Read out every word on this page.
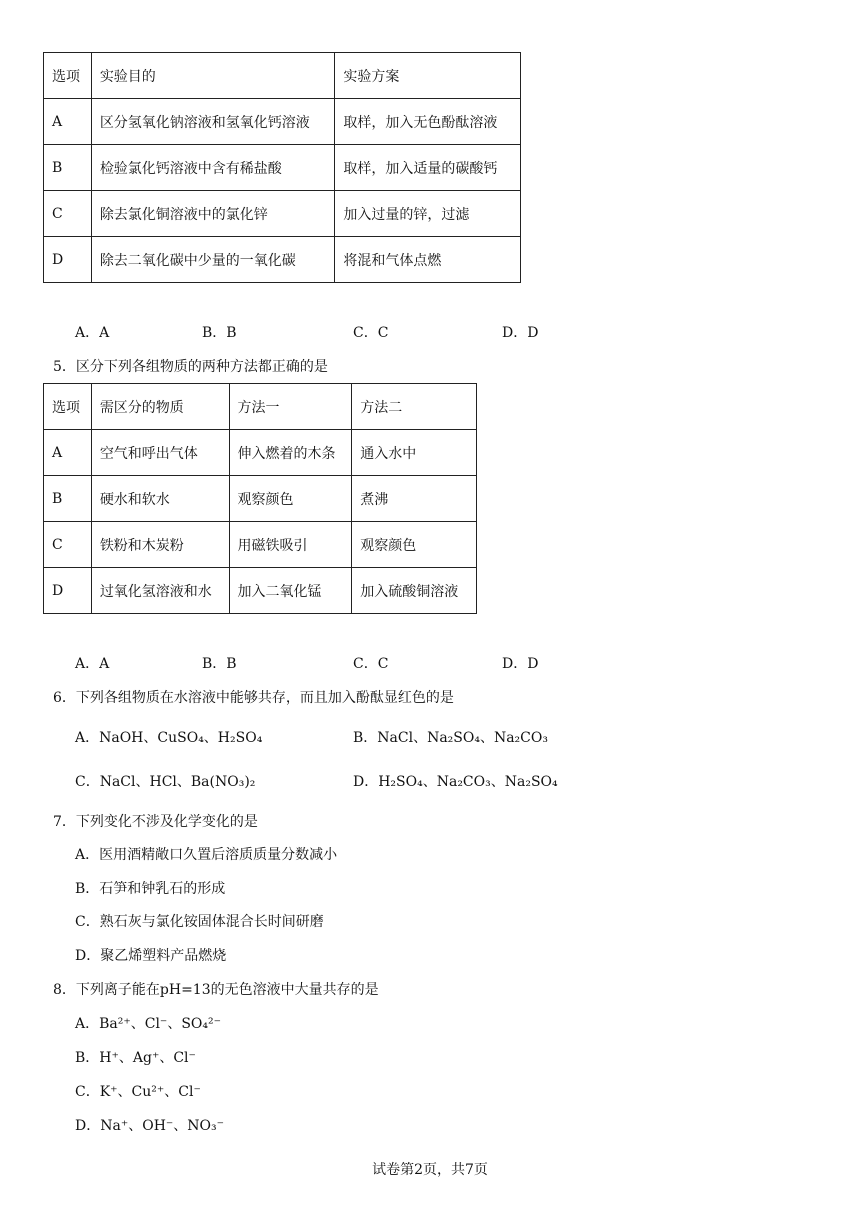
选项	实验目的	实验方案
A	区分氢氧化钠溶液和氢氧化钙溶液	取样，加入无色酚酞溶液
B	检验氯化钙溶液中含有稀盐酸	取样，加入适量的碳酸钙
C	除去氯化铜溶液中的氯化锌	加入过量的锌，过滤
D	除去二氧化碳中少量的一氧化碳	将混和气体点燃
A．A	B．B	C．C	D．D
5．区分下列各组物质的两种方法都正确的是
选项	需区分的物质	方法一	方法二
A	空气和呼出气体	伸入燃着的木条	通入水中
B	硬水和软水	观察颜色	煮沸
C	铁粉和木炭粉	用磁铁吸引	观察颜色
D	过氧化氢溶液和水	加入二氧化锰	加入硫酸铜溶液
A．A	B．B	C．C	D．D
6．下列各组物质在水溶液中能够共存，而且加入酚酞显红色的是
A．NaOH、CuSO₄、H₂SO₄	B．NaCl、Na₂SO₄、Na₂CO₃
C．NaCl、HCl、Ba(NO₃)₂	D．H₂SO₄、Na₂CO₃、Na₂SO₄
7．下列变化不涉及化学变化的是
A．医用酒精敞口久置后溶质质量分数减小
B．石笋和钟乳石的形成
C．熟石灰与氯化铵固体混合长时间研磨
D．聚乙烯塑料产品燃烧
8．下列离子能在pH=13的无色溶液中大量共存的是
A．Ba²⁺、Cl⁻、SO₄²⁻
B．H⁺、Ag⁺、Cl⁻
C．K⁺、Cu²⁺、Cl⁻
D．Na⁺、OH⁻、NO₃⁻
试卷第2页，共7页
